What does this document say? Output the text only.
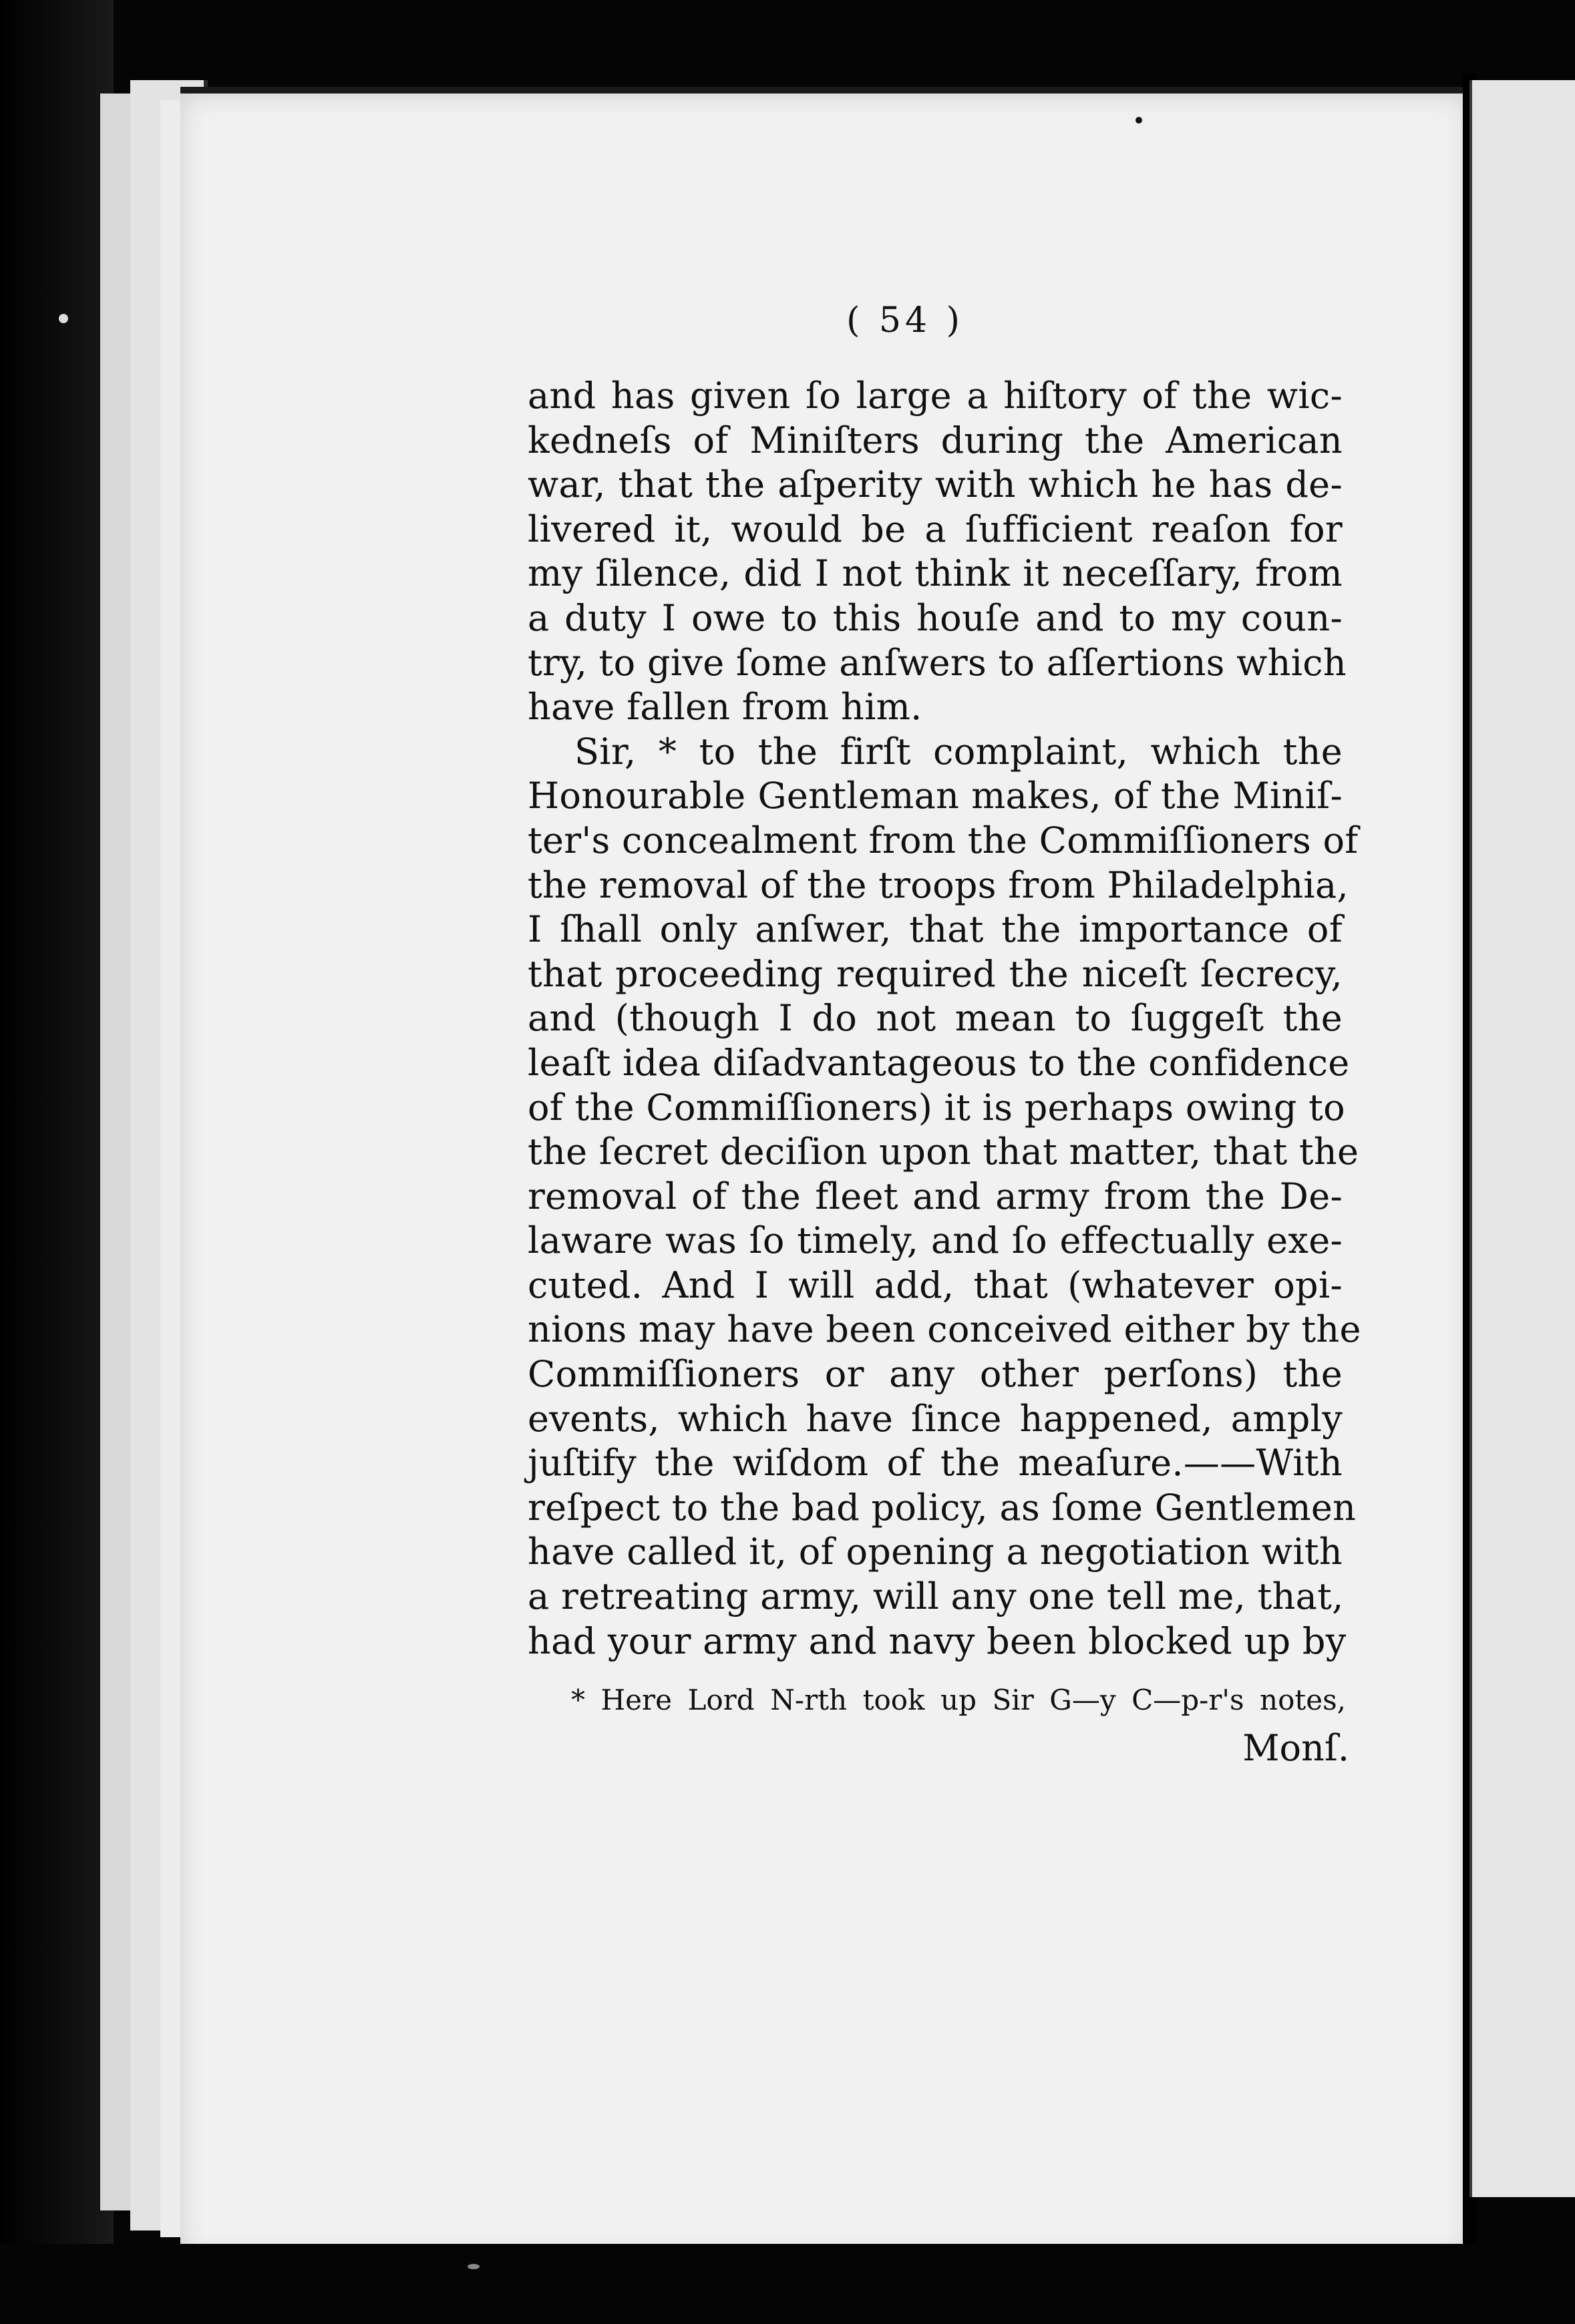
( 54 )
and has given ſo large a hiſtory of the wic-
kedneſs of Miniſters during the American
war, that the aſperity with which he has de-
livered it, would be a ſufficient reaſon for
my ſilence, did I not think it neceſſary, from
a duty I owe to this houſe and to my coun-
try, to give ſome anſwers to aſſertions which
have fallen from him.
Sir, * to the firſt complaint, which the
Honourable Gentleman makes, of the Miniſ-
ter's concealment from the Commiſſioners of
the removal of the troops from Philadelphia,
I ſhall only anſwer, that the importance of
that proceeding required the niceſt ſecrecy,
and (though I do not mean to ſuggeſt the
leaſt idea diſadvantageous to the confidence
of the Commiſſioners) it is perhaps owing to
the ſecret deciſion upon that matter, that the
removal of the fleet and army from the De-
laware was ſo timely, and ſo effectually exe-
cuted. And I will add, that (whatever opi-
nions may have been conceived either by the
Commiſſioners or any other perſons) the
events, which have ſince happened, amply
juſtify the wiſdom of the meaſure.——With
reſpect to the bad policy, as ſome Gentlemen
have called it, of opening a negotiation with
a retreating army, will any one tell me, that,
had your army and navy been blocked up by
* Here Lord N-rth took up Sir G—y C—p-r's notes,
Monſ.
